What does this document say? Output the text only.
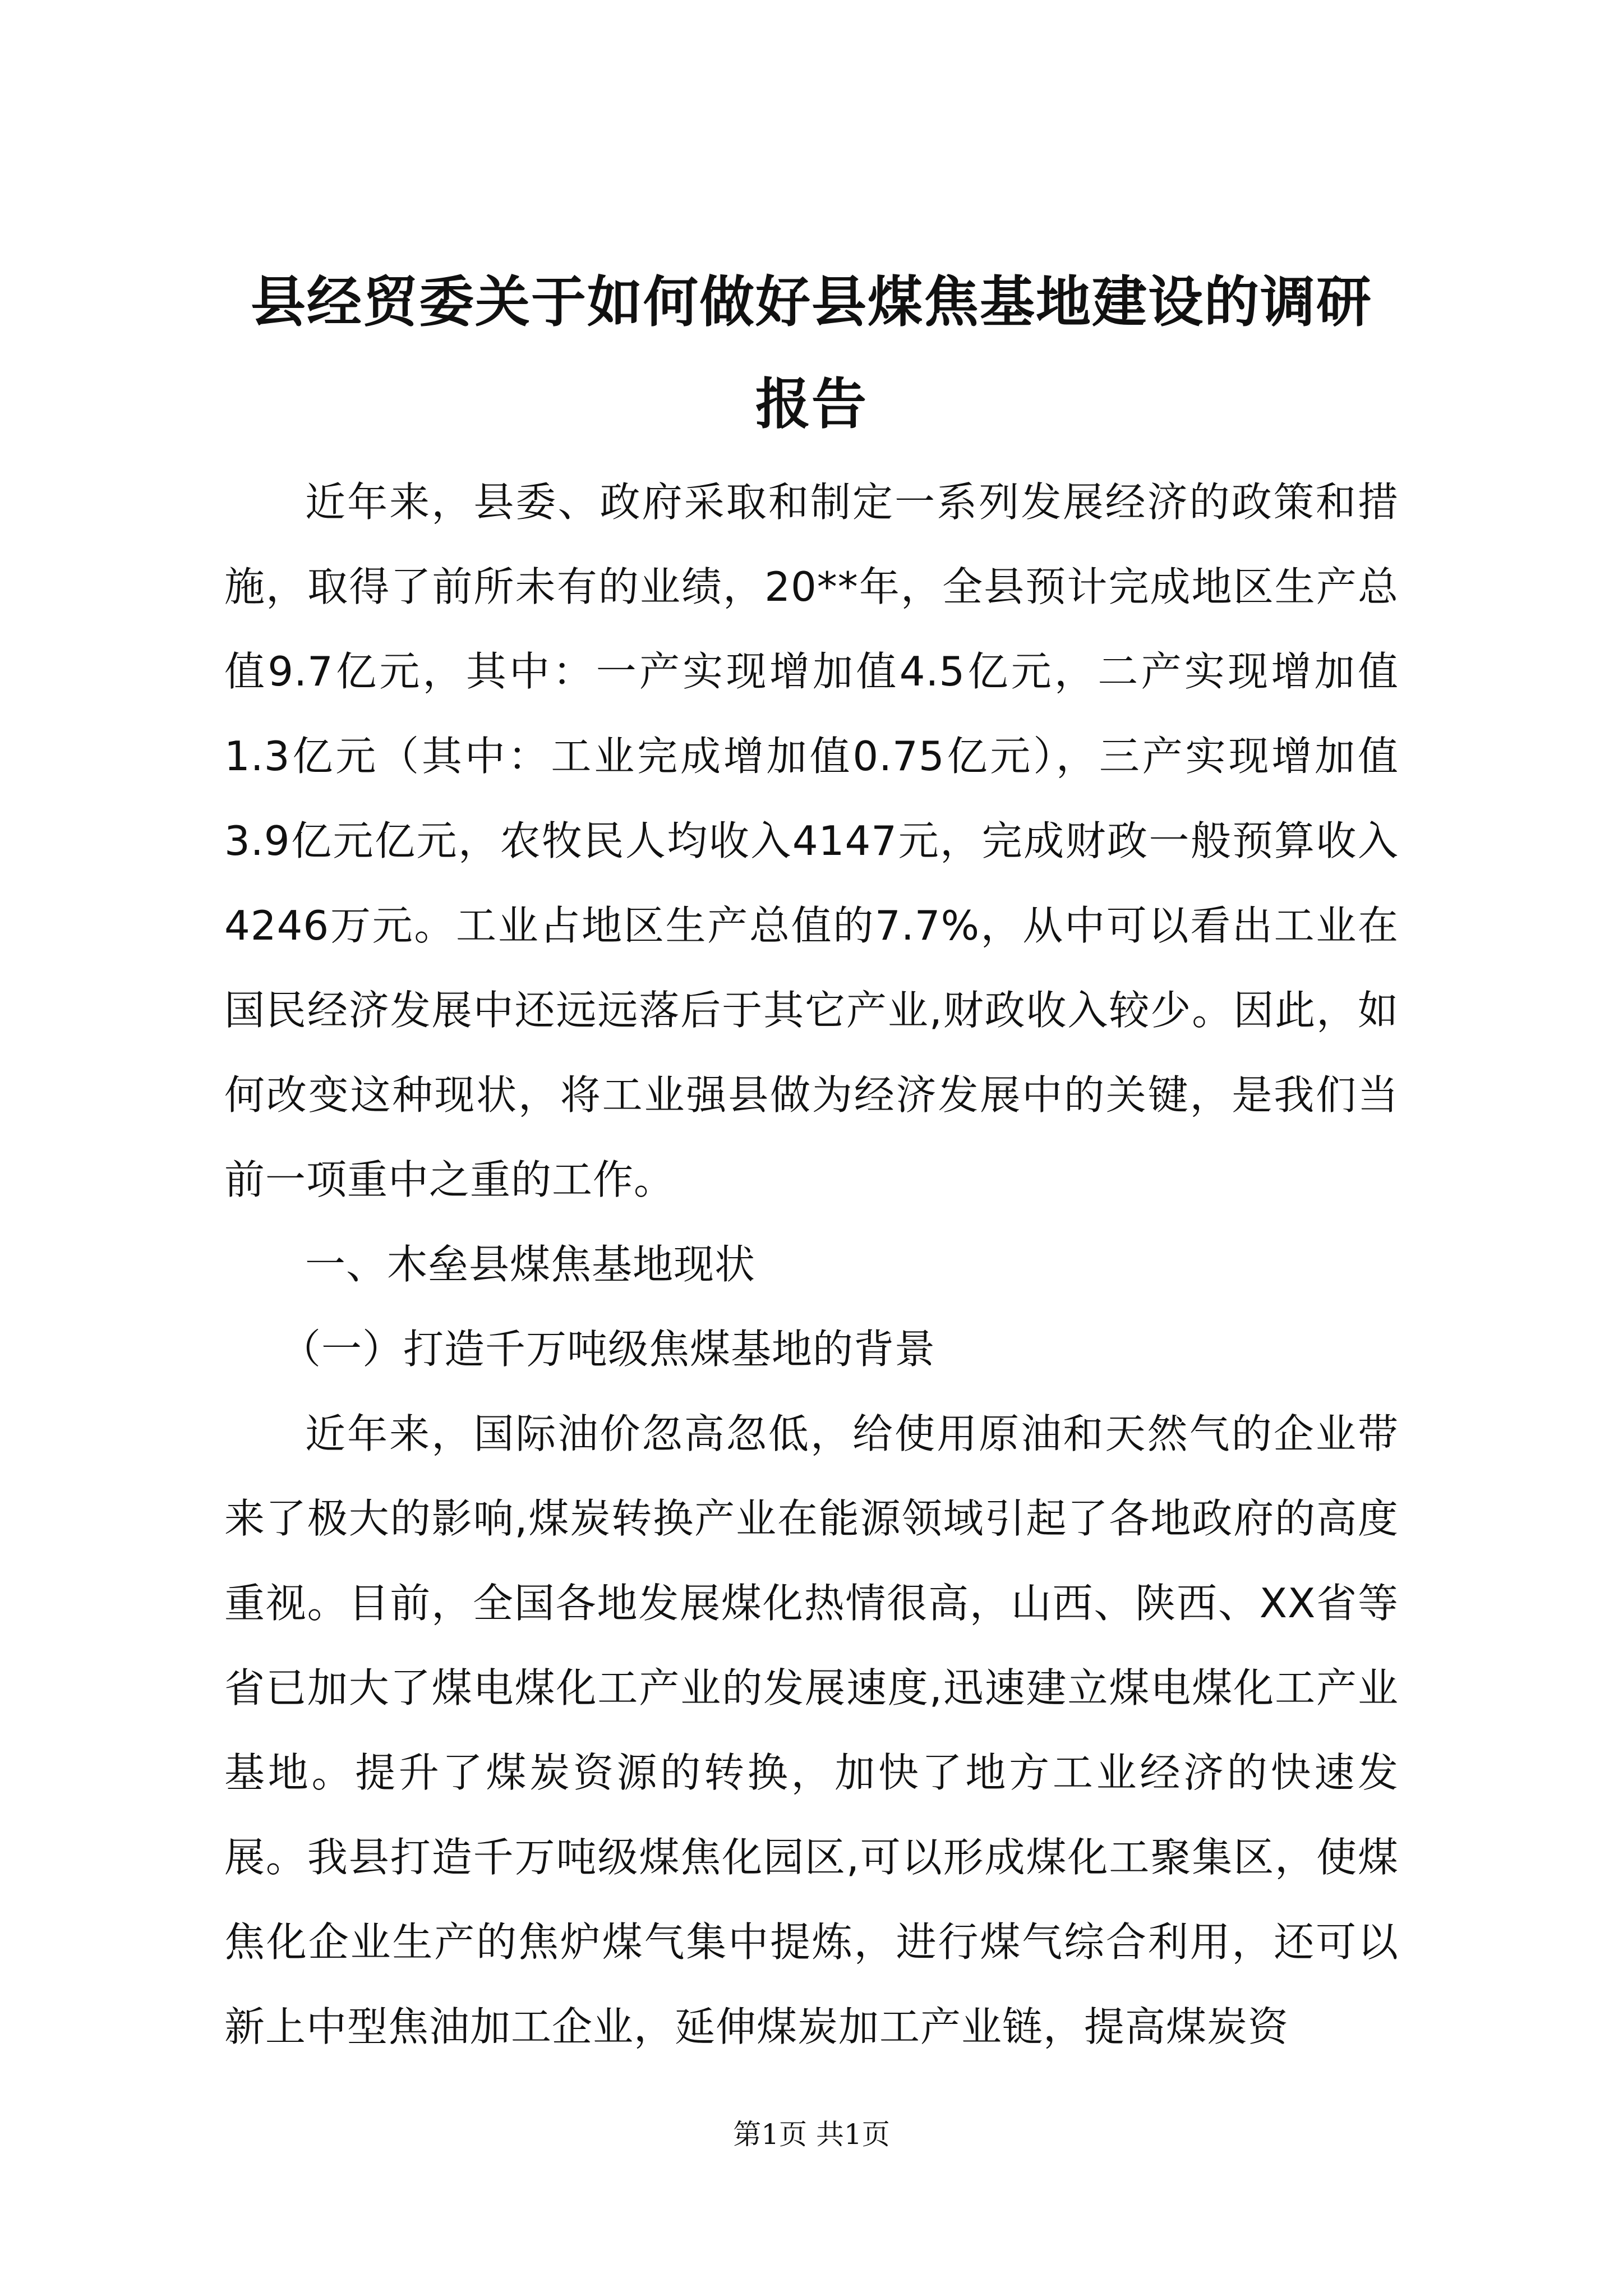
县经贸委关于如何做好县煤焦基地建设的调研报告

近年来，县委、政府采取和制定一系列发展经济的政策和措施，取得了前所未有的业绩，20**年，全县预计完成地区生产总值9.7亿元，其中：一产实现增加值4.5亿元，二产实现增加值1.3亿元（其中：工业完成增加值0.75亿元），三产实现增加值3.9亿元亿元，农牧民人均收入4147元，完成财政一般预算收入4246万元。工业占地区生产总值的7.7%，从中可以看出工业在国民经济发展中还远远落后于其它产业,财政收入较少。因此，如何改变这种现状，将工业强县做为经济发展中的关键，是我们当前一项重中之重的工作。

一、木垒县煤焦基地现状

（一）打造千万吨级焦煤基地的背景

近年来，国际油价忽高忽低，给使用原油和天然气的企业带来了极大的影响,煤炭转换产业在能源领域引起了各地政府的高度重视。目前，全国各地发展煤化热情很高，山西、陕西、XX省等省已加大了煤电煤化工产业的发展速度,迅速建立煤电煤化工产业基地。提升了煤炭资源的转换，加快了地方工业经济的快速发展。我县打造千万吨级煤焦化园区,可以形成煤化工聚集区，使煤焦化企业生产的焦炉煤气集中提炼，进行煤气综合利用，还可以新上中型焦油加工企业，延伸煤炭加工产业链，提高煤炭资

第1页 共1页
